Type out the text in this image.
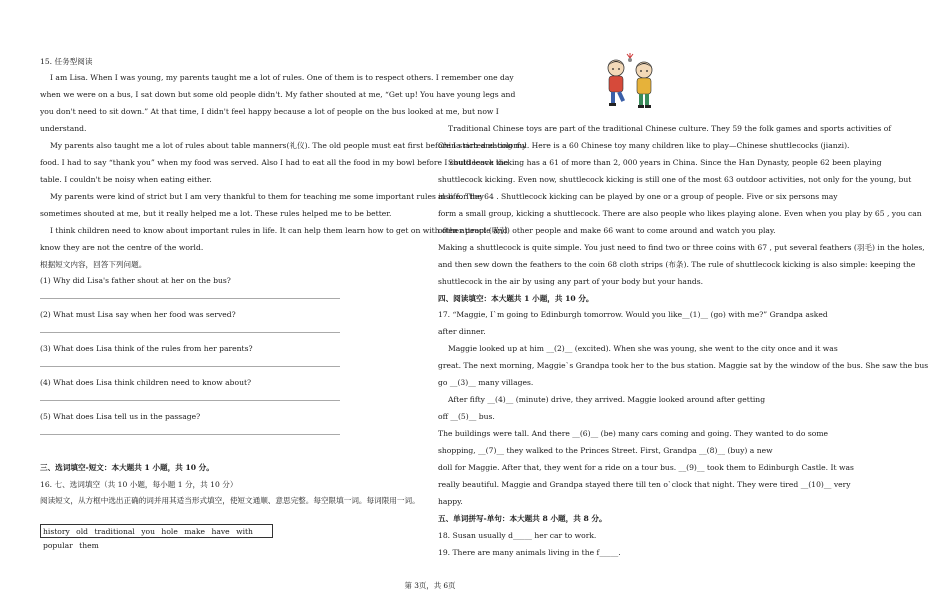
15. 任务型阅读
I am Lisa. When I was young, my parents taught me a lot of rules. One of them is to respect others. I remember one day
when we were on a bus, I sat down but some old people didn't. My father shouted at me, “Get up! You have young legs and
you don't need to sit down.” At that time, I didn't feel happy because a lot of people on the bus looked at me, but now I
understand.
My parents also taught me a lot of rules about table manners(礼仪). The old people must eat first before I started eating my
food. I had to say “thank you” when my food was served. Also I had to eat all the food in my bowl before I could leave the
table. I couldn't be noisy when eating either.
My parents were kind of strict but I am very thankful to them for teaching me some important rules in life. They
sometimes shouted at me, but it really helped me a lot. These rules helped me to be better.
I think children need to know about important rules in life. It can help them learn how to get on with other people and
know they are not the centre of the world.
根据短文内容，回答下列问题。
(1) Why did Lisa's father shout at her on the bus?
(2) What must Lisa say when her food was served?
(3) What does Lisa think of the rules from her parents?
(4) What does Lisa think children need to know about?
(5) What does Lisa tell us in the passage?
三、选词填空-短文：本大题共 1 小题，共 10 分。
16. 七、选词填空（共 10 小题，每小题 1 分，共 10 分）
阅读短文，从方框中选出正确的词并用其适当形式填空，使短文通顺、意思完整。每空限填一词。每词限用一词。
history old traditional you hole make have with popular them
Traditional Chinese toys are part of the traditional Chinese culture. They 59 the folk games and sports activities of
China rich and colorful. Here is a 60 Chinese toy many children like to play—Chinese shuttlecocks (jianzi).
Shuttlecock kicking has a 61 of more than 2, 000 years in China. Since the Han Dynasty, people 62 been playing
shuttlecock kicking. Even now, shuttlecock kicking is still one of the most 63 outdoor activities, not only for the young, but
also for the 64 . Shuttlecock kicking can be played by one or a group of people. Five or six persons may
form a small group, kicking a shuttlecock. There are also people who likes playing alone. Even when you play by 65 , you can
often attract (吸引) other people and make 66 want to come around and watch you play.
Making a shuttlecock is quite simple. You just need to find two or three coins with 67 , put several feathers (羽毛) in the holes,
and then sew down the feathers to the coin 68 cloth strips (布条). The rule of shuttlecock kicking is also simple: keeping the
shuttlecock in the air by using any part of your body but your hands.
四、阅读填空：本大题共 1 小题，共 10 分。
17. “Maggie, I`m going to Edinburgh tomorrow. Would you like__(1)__ (go) with me?” Grandpa asked
after dinner.
Maggie looked up at him __(2)__ (excited). When she was young, she went to the city once and it was
great. The next morning, Maggie`s Grandpa took her to the bus station. Maggie sat by the window of the bus. She saw the bus
go __(3)__ many villages.
After fifty __(4)__ (minute) drive, they arrived. Maggie looked around after getting
off __(5)__ bus.
The buildings were tall. And there __(6)__ (be) many cars coming and going. They wanted to do some
shopping, __(7)__ they walked to the Princes Street. First, Grandpa __(8)__ (buy) a new
doll for Maggie. After that, they went for a ride on a tour bus. __(9)__ took them to Edinburgh Castle. It was
really beautiful. Maggie and Grandpa stayed there till ten o`clock that night. They were tired __(10)__ very
happy.
五、单词拼写-单句：本大题共 8 小题，共 8 分。
18. Susan usually d_____ her car to work.
19. There are many animals living in the f_____.
第 3页，共 6页
